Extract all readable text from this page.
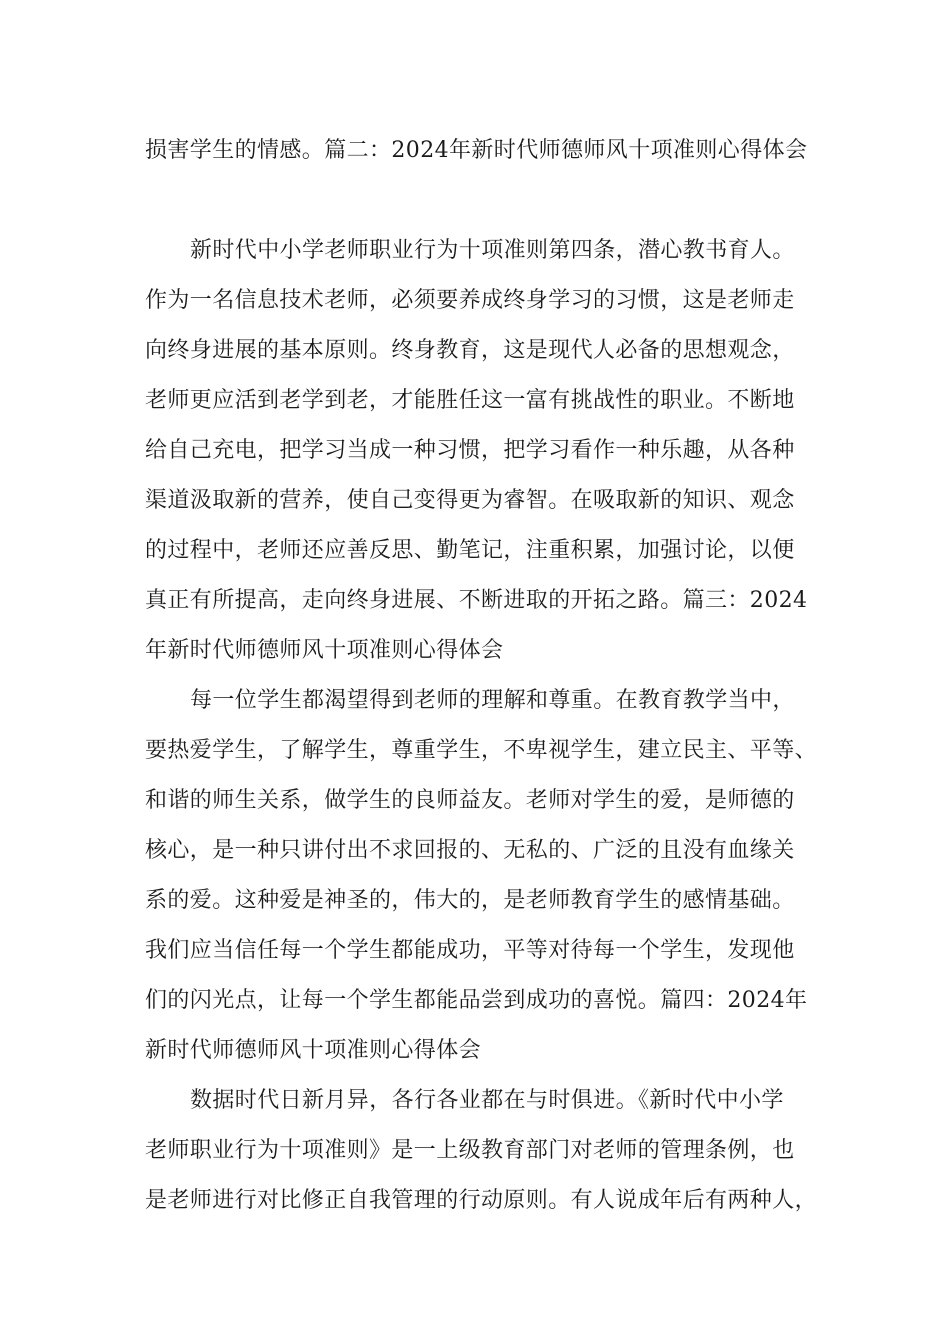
损害学生的情感。篇二：2024年新时代师德师风十项准则心得体会
新时代中小学老师职业行为十项准则第四条，潜心教书育人。
作为一名信息技术老师，必须要养成终身学习的习惯，这是老师走
向终身进展的基本原则。终身教育，这是现代人必备的思想观念，
老师更应活到老学到老，才能胜任这一富有挑战性的职业。不断地
给自己充电，把学习当成一种习惯，把学习看作一种乐趣，从各种
渠道汲取新的营养，使自己变得更为睿智。在吸取新的知识、观念
的过程中，老师还应善反思、勤笔记，注重积累，加强讨论，以便
真正有所提高，走向终身进展、不断进取的开拓之路。篇三：2024
年新时代师德师风十项准则心得体会
每一位学生都渴望得到老师的理解和尊重。在教育教学当中，
要热爱学生，了解学生，尊重学生，不卑视学生，建立民主、平等、
和谐的师生关系，做学生的良师益友。老师对学生的爱，是师德的
核心，是一种只讲付出不求回报的、无私的、广泛的且没有血缘关
系的爱。这种爱是神圣的，伟大的，是老师教育学生的感情基础。
我们应当信任每一个学生都能成功，平等对待每一个学生，发现他
们的闪光点，让每一个学生都能品尝到成功的喜悦。篇四：2024年
新时代师德师风十项准则心得体会
数据时代日新月异，各行各业都在与时俱进。《新时代中小学
老师职业行为十项准则》是一上级教育部门对老师的管理条例，也
是老师进行对比修正自我管理的行动原则。有人说成年后有两种人，
